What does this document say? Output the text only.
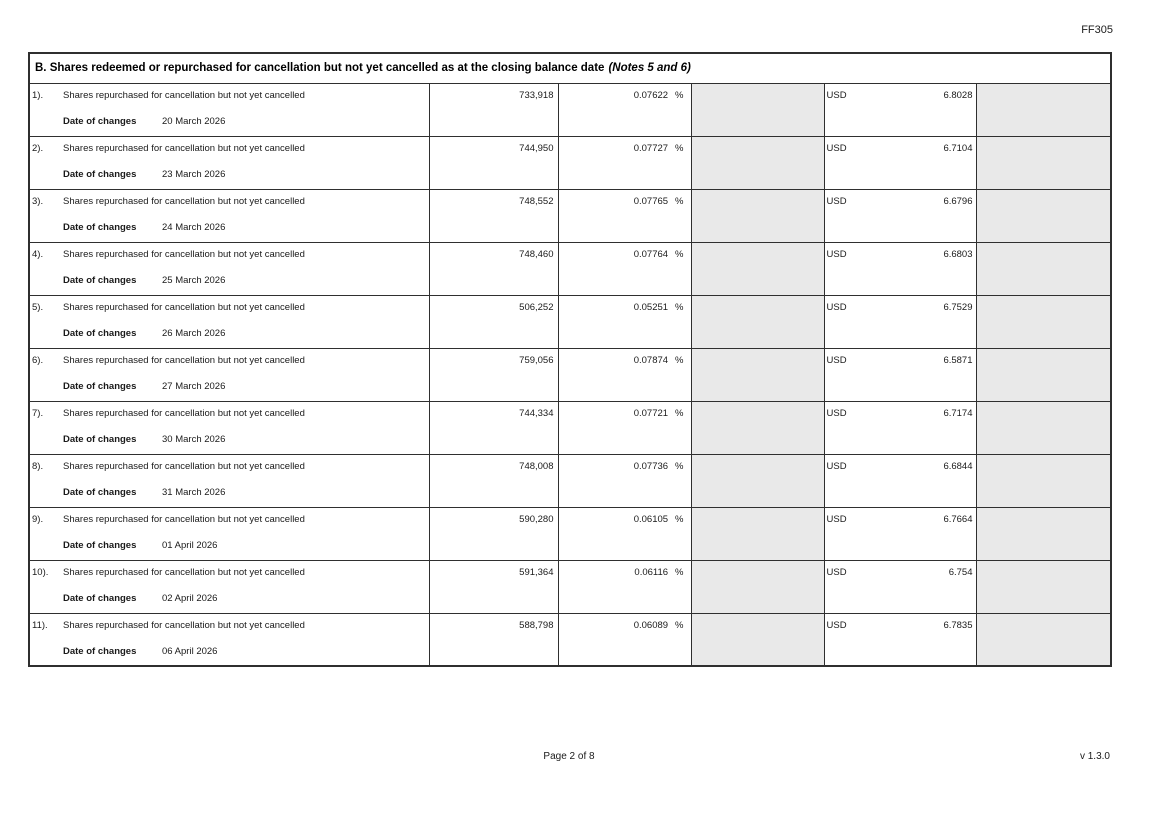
FF305
B. Shares redeemed or repurchased for cancellation but not yet cancelled as at the closing balance date (Notes 5 and 6)					

1).	Shares repurchased for cancellation but not yet cancelled
Date of changes	20 March 2026
	733,918	0.07622 %		USD	6.8028

2).	Shares repurchased for cancellation but not yet cancelled
Date of changes	23 March 2026
	744,950	0.07727 %		USD	6.7104

3).	Shares repurchased for cancellation but not yet cancelled
Date of changes	24 March 2026
	748,552	0.07765 %		USD	6.6796

4).	Shares repurchased for cancellation but not yet cancelled
Date of changes	25 March 2026
	748,460	0.07764 %		USD	6.6803

5).	Shares repurchased for cancellation but not yet cancelled
Date of changes	26 March 2026
	506,252	0.05251 %		USD	6.7529

6).	Shares repurchased for cancellation but not yet cancelled
Date of changes	27 March 2026
	759,056	0.07874 %		USD	6.5871

7).	Shares repurchased for cancellation but not yet cancelled
Date of changes	30 March 2026
	744,334	0.07721 %		USD	6.7174

8).	Shares repurchased for cancellation but not yet cancelled
Date of changes	31 March 2026
	748,008	0.07736 %		USD	6.6844

9).	Shares repurchased for cancellation but not yet cancelled
Date of changes	01 April 2026
	590,280	0.06105 %		USD	6.7664

10).	Shares repurchased for cancellation but not yet cancelled
Date of changes	02 April 2026
	591,364	0.06116 %		USD	6.754

11).	Shares repurchased for cancellation but not yet cancelled
Date of changes	06 April 2026
	588,798	0.06089 %		USD	6.7835

Page 2 of 8	v 1.3.0
